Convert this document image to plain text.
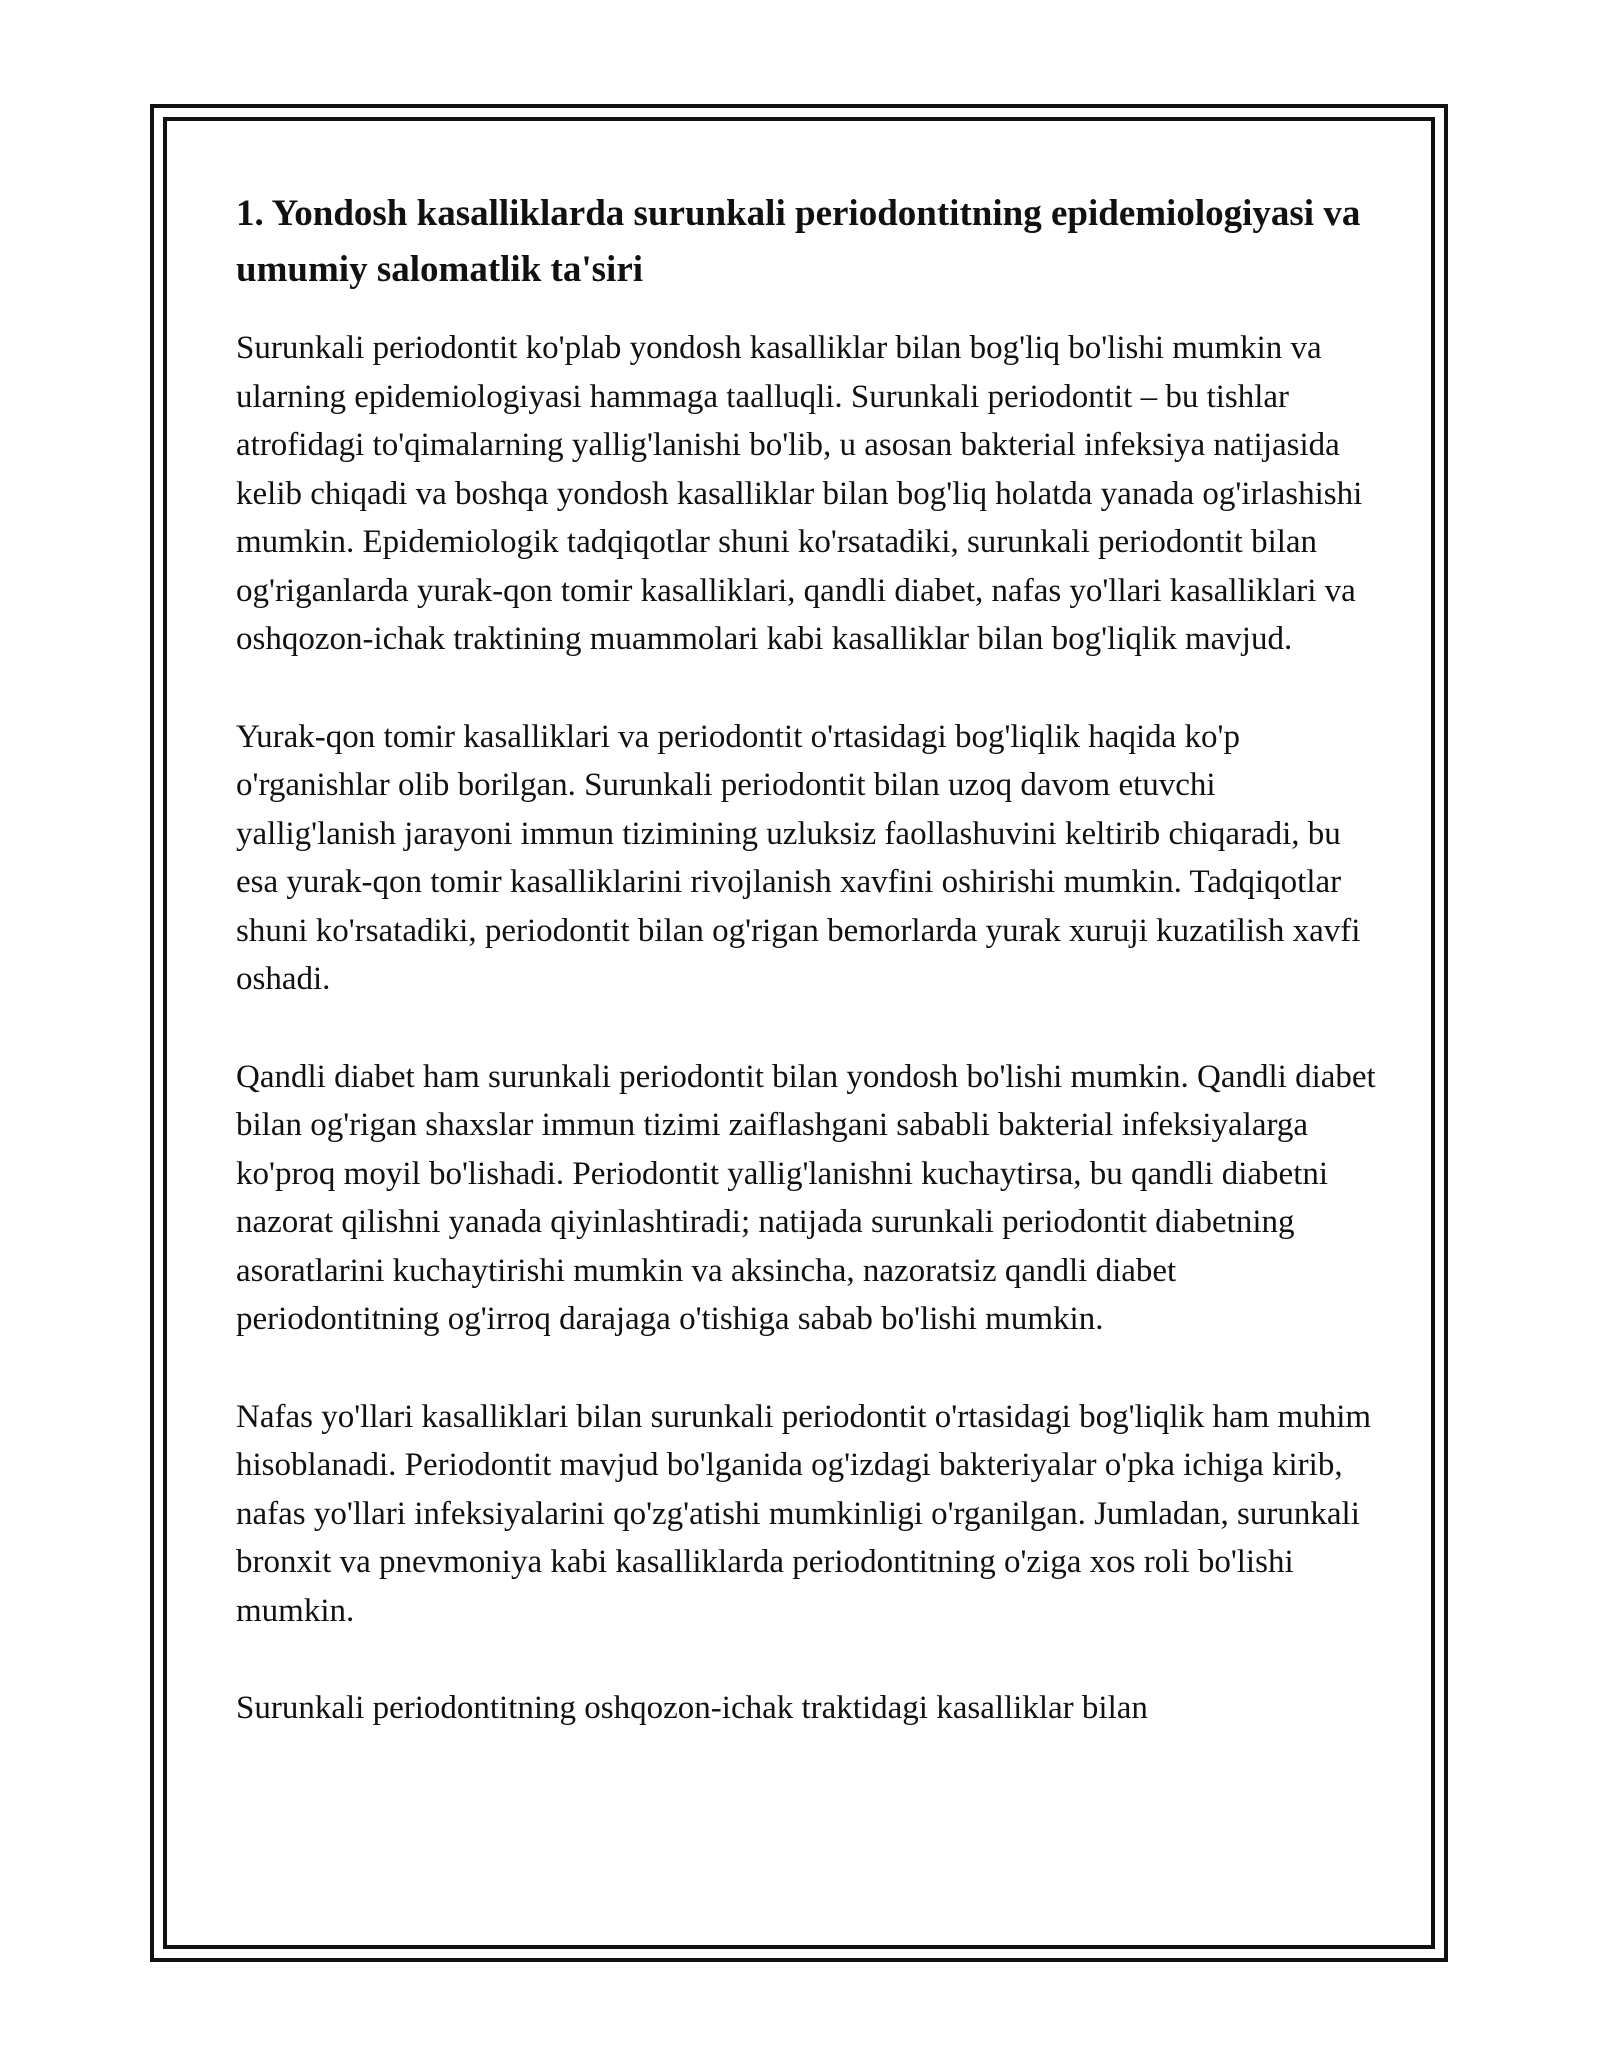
1. Yondosh kasalliklarda surunkali periodontitning epidemiologiyasi va umumiy salomatlik ta'siri

Surunkali periodontit ko'plab yondosh kasalliklar bilan bog'liq bo'lishi mumkin va ularning epidemiologiyasi hammaga taalluqli. Surunkali periodontit – bu tishlar atrofidagi to'qimalarning yallig'lanishi bo'lib, u asosan bakterial infeksiya natijasida kelib chiqadi va boshqa yondosh kasalliklar bilan bog'liq holatda yanada og'irlashishi mumkin. Epidemiologik tadqiqotlar shuni ko'rsatadiki, surunkali periodontit bilan og'riganlarda yurak-qon tomir kasalliklari, qandli diabet, nafas yo'llari kasalliklari va oshqozon-ichak traktining muammolari kabi kasalliklar bilan bog'liqlik mavjud.

Yurak-qon tomir kasalliklari va periodontit o'rtasidagi bog'liqlik haqida ko'p o'rganishlar olib borilgan. Surunkali periodontit bilan uzoq davom etuvchi yallig'lanish jarayoni immun tizimining uzluksiz faollashuvini keltirib chiqaradi, bu esa yurak-qon tomir kasalliklarini rivojlanish xavfini oshirishi mumkin. Tadqiqotlar shuni ko'rsatadiki, periodontit bilan og'rigan bemorlarda yurak xuruji kuzatilish xavfi oshadi.

Qandli diabet ham surunkali periodontit bilan yondosh bo'lishi mumkin. Qandli diabet bilan og'rigan shaxslar immun tizimi zaiflashgani sababli bakterial infeksiyalarga ko'proq moyil bo'lishadi. Periodontit yallig'lanishni kuchaytirsa, bu qandli diabetni nazorat qilishni yanada qiyinlashtiradi; natijada surunkali periodontit diabetning asoratlarini kuchaytirishi mumkin va aksincha, nazoratsiz qandli diabet periodontitning og'irroq darajaga o'tishiga sabab bo'lishi mumkin.

Nafas yo'llari kasalliklari bilan surunkali periodontit o'rtasidagi bog'liqlik ham muhim hisoblanadi. Periodontit mavjud bo'lganida og'izdagi bakteriyalar o'pka ichiga kirib, nafas yo'llari infeksiyalarini qo'zg'atishi mumkinligi o'rganilgan. Jumladan, surunkali bronxit va pnevmoniya kabi kasalliklarda periodontitning o'ziga xos roli bo'lishi mumkin.

Surunkali periodontitning oshqozon-ichak traktidagi kasalliklar bilan
